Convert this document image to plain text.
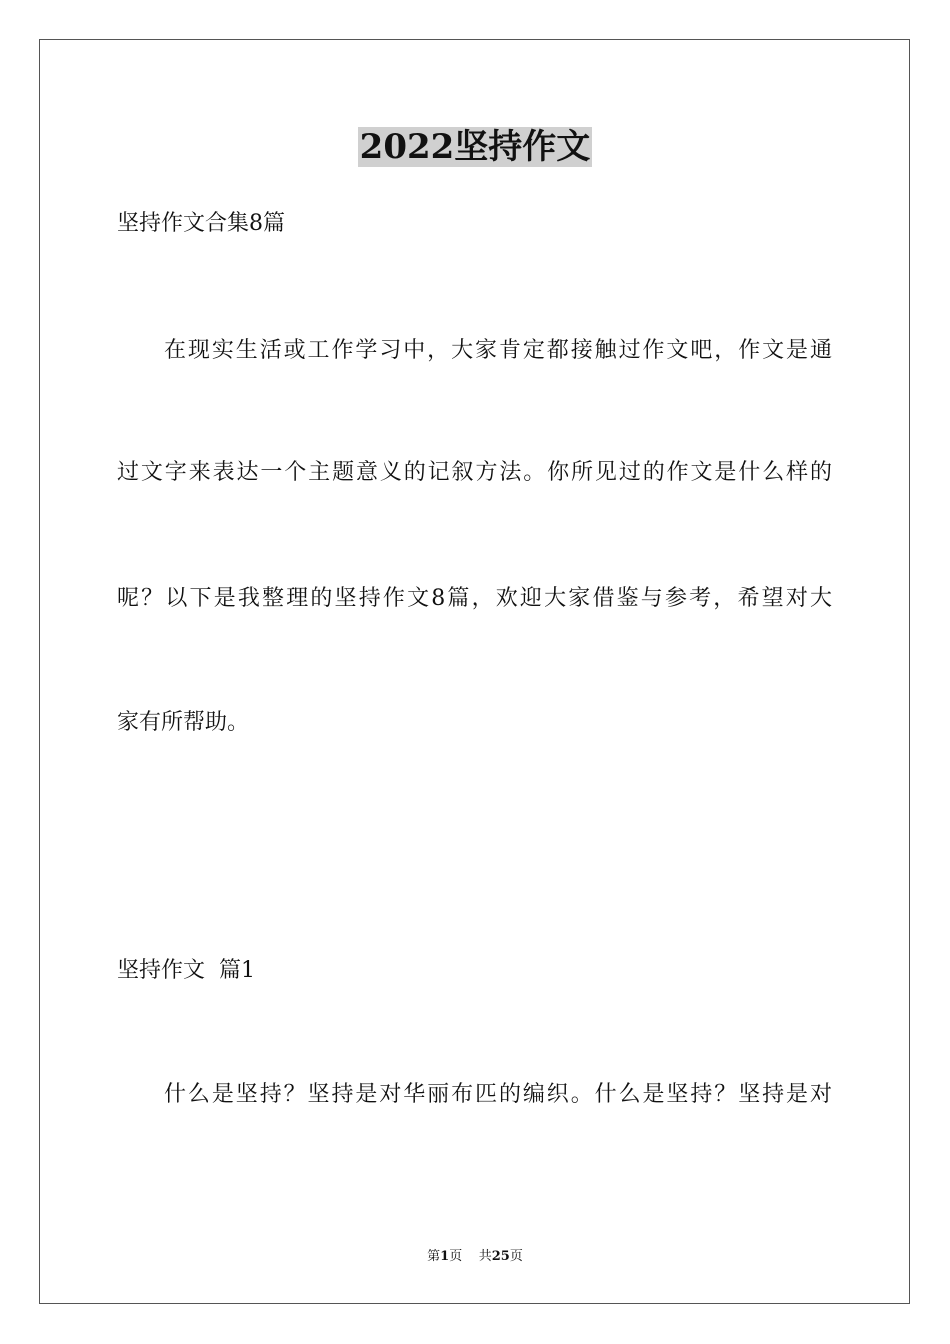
2022坚持作文

坚持作文合集8篇

在现实生活或工作学习中，大家肯定都接触过作文吧，作文是通

过文字来表达一个主题意义的记叙方法。你所见过的作文是什么样的

呢？以下是我整理的坚持作文8篇，欢迎大家借鉴与参考，希望对大

家有所帮助。

坚持作文  篇1

什么是坚持？坚持是对华丽布匹的编织。什么是坚持？坚持是对

第1页 共25页
